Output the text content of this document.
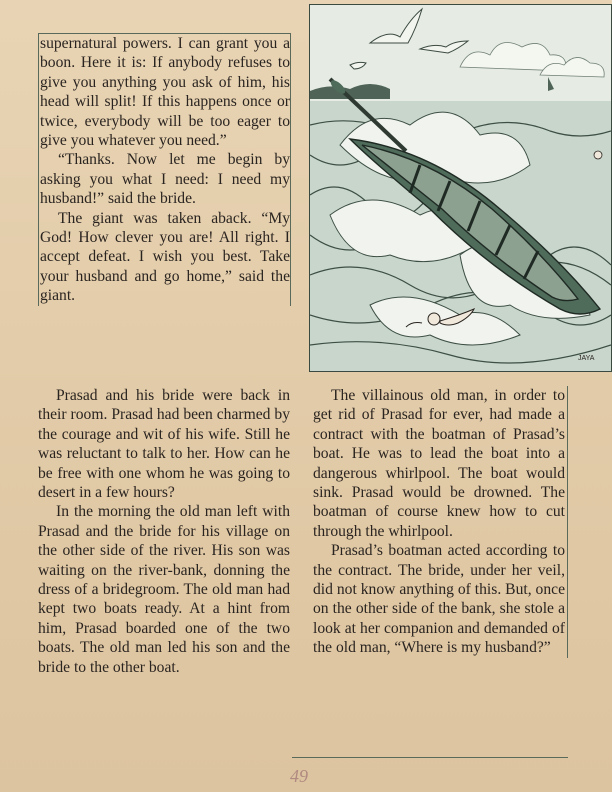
supernatural powers. I can grant you a boon. Here it is: If anybody refuses to give you anything you ask of him, his head will split! If this happens once or twice, everybody will be too eager to give you whatever you need.”

“Thanks. Now let me begin by asking you what I need: I need my husband!” said the bride.

The giant was taken aback. “My God! How clever you are! All right. I accept defeat. I wish you best. Take your husband and go home,” said the giant.

JAYA

Prasad and his bride were back in their room. Prasad had been charmed by the courage and wit of his wife. Still he was reluctant to talk to her. How can he be free with one whom he was going to desert in a few hours?

In the morning the old man left with Prasad and the bride for his village on the other side of the river. His son was waiting on the river-bank, donning the dress of a bridegroom. The old man had kept two boats ready. At a hint from him, Prasad boarded one of the two boats. The old man led his son and the bride to the other boat.

The villainous old man, in order to get rid of Prasad for ever, had made a contract with the boatman of Prasad’s boat. He was to lead the boat into a dangerous whirlpool. The boat would sink. Prasad would be drowned. The boatman of course knew how to cut through the whirlpool.

Prasad’s boatman acted according to the contract. The bride, under her veil, did not know anything of this. But, once on the other side of the bank, she stole a look at her companion and demanded of the old man, “Where is my husband?”

49
